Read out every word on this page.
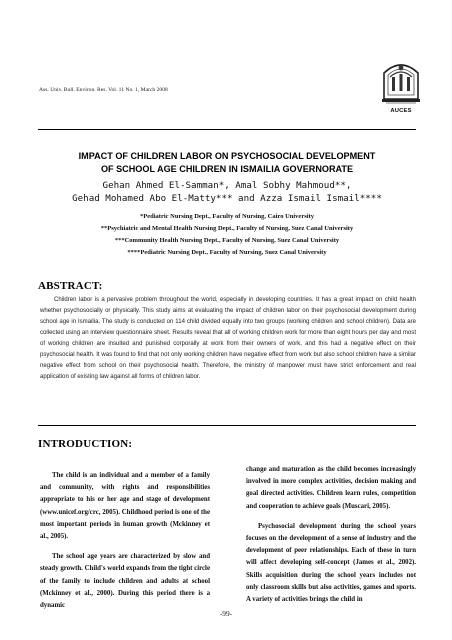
Ass. Univ. Bull. Environ. Res. Vol. 11 No. 1, March 2008
AUCES
IMPACT OF CHILDREN LABOR ON PSYCHOSOCIAL DEVELOPMENT
OF SCHOOL AGE CHILDREN IN ISMAILIA GOVERNORATE
Gehan Ahmed El-Samman*, Amal Sobhy Mahmoud**,
Gehad Mohamed Abo El-Matty*** and Azza Ismail Ismail****
*Pediatric Nursing Dept., Faculty of Nursing, Cairo University
**Psychiatric and Mental Health Nursing Dept., Faculty of Nursing, Suez Canal University
***Community Health Nursing Dept., Faculty of Nursing, Suez Canal University
****Pediatric Nursing Dept., Faculty of Nursing, Suez Canal University
ABSTRACT:
Children labor is a pervasive problem throughout the world, especially in developing countries. It has a great impact on child health whether psychosocially or physically. This study aims at evaluating the impact of children labor on their psychosocial development during school age in Ismailia. The study is conducted on 114 child divided equally into two groups (working children and school children). Data are collected using an interview questionnaire sheet. Results reveal that all of working children work for more than eight hours per day and most of working children are insulted and punished corporally at work from their owners of work, and this had a negative effect on their psychosocial health. It was found to find that not only working children have negative effect from work but also school children have a similar negative effect from school on their psychosocial health. Therefore, the ministry of manpower must have strict enforcement and real application of existing law against all forms of children labor.
INTRODUCTION:

The child is an individual and a member of a family and community, with rights and responsibilities appropriate to his or her age and stage of development (www.unicef.org/crc, 2005). Childhood period is one of the most important periods in human growth (Mckinney et al., 2005).

The school age years are characterized by slow and steady growth. Child's world expands from the tight circle of the family to include children and adults at school (Mckinney et al., 2000). During this period there is a dynamic

change and maturation as the child becomes increasingly involved in more complex activities, decision making and goal directed activities. Children learn rules, competition and cooperation to achieve goals (Muscari, 2005).

Psychosocial development during the school years focuses on the development of a sense of industry and the development of peer relationships. Each of these in turn will affect developing self-concept (James et al., 2002). Skills acquisition during the school years includes not only classroom skills but also activities, games and sports. A variety of activities brings the child in

-99-
